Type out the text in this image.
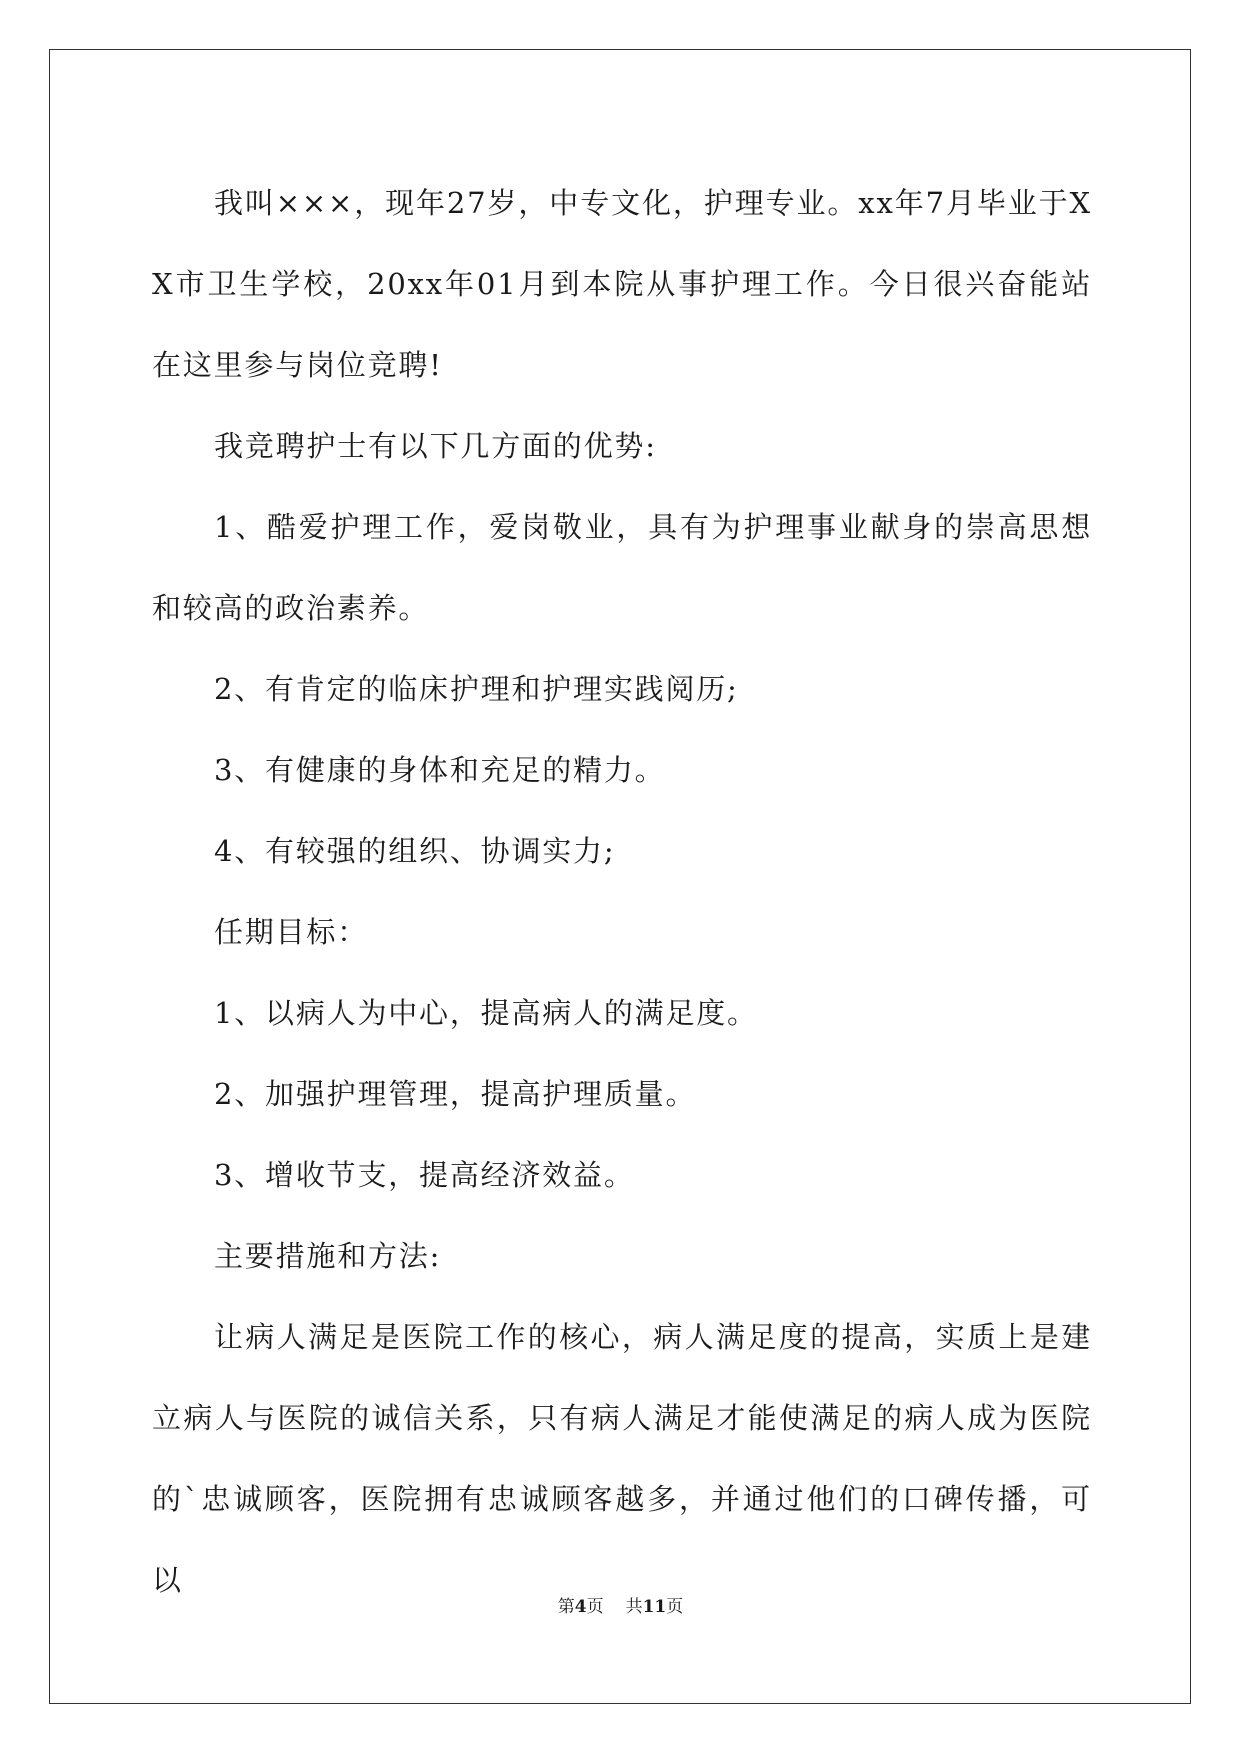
我叫×××，现年27岁，中专文化，护理专业。xx年7月毕业于XX市卫生学校，20xx年01月到本院从事护理工作。今日很兴奋能站在这里参与岗位竞聘!

我竞聘护士有以下几方面的优势:

1、酷爱护理工作，爱岗敬业，具有为护理事业献身的崇高思想和较高的政治素养。

2、有肯定的临床护理和护理实践阅历;

3、有健康的身体和充足的精力。

4、有较强的组织、协调实力;

任期目标：

1、以病人为中心，提高病人的满足度。

2、加强护理管理，提高护理质量。

3、增收节支，提高经济效益。

主要措施和方法:

让病人满足是医院工作的核心，病人满足度的提高，实质上是建立病人与医院的诚信关系，只有病人满足才能使满足的病人成为医院的`忠诚顾客，医院拥有忠诚顾客越多，并通过他们的口碑传播，可以

第4页 共11页
